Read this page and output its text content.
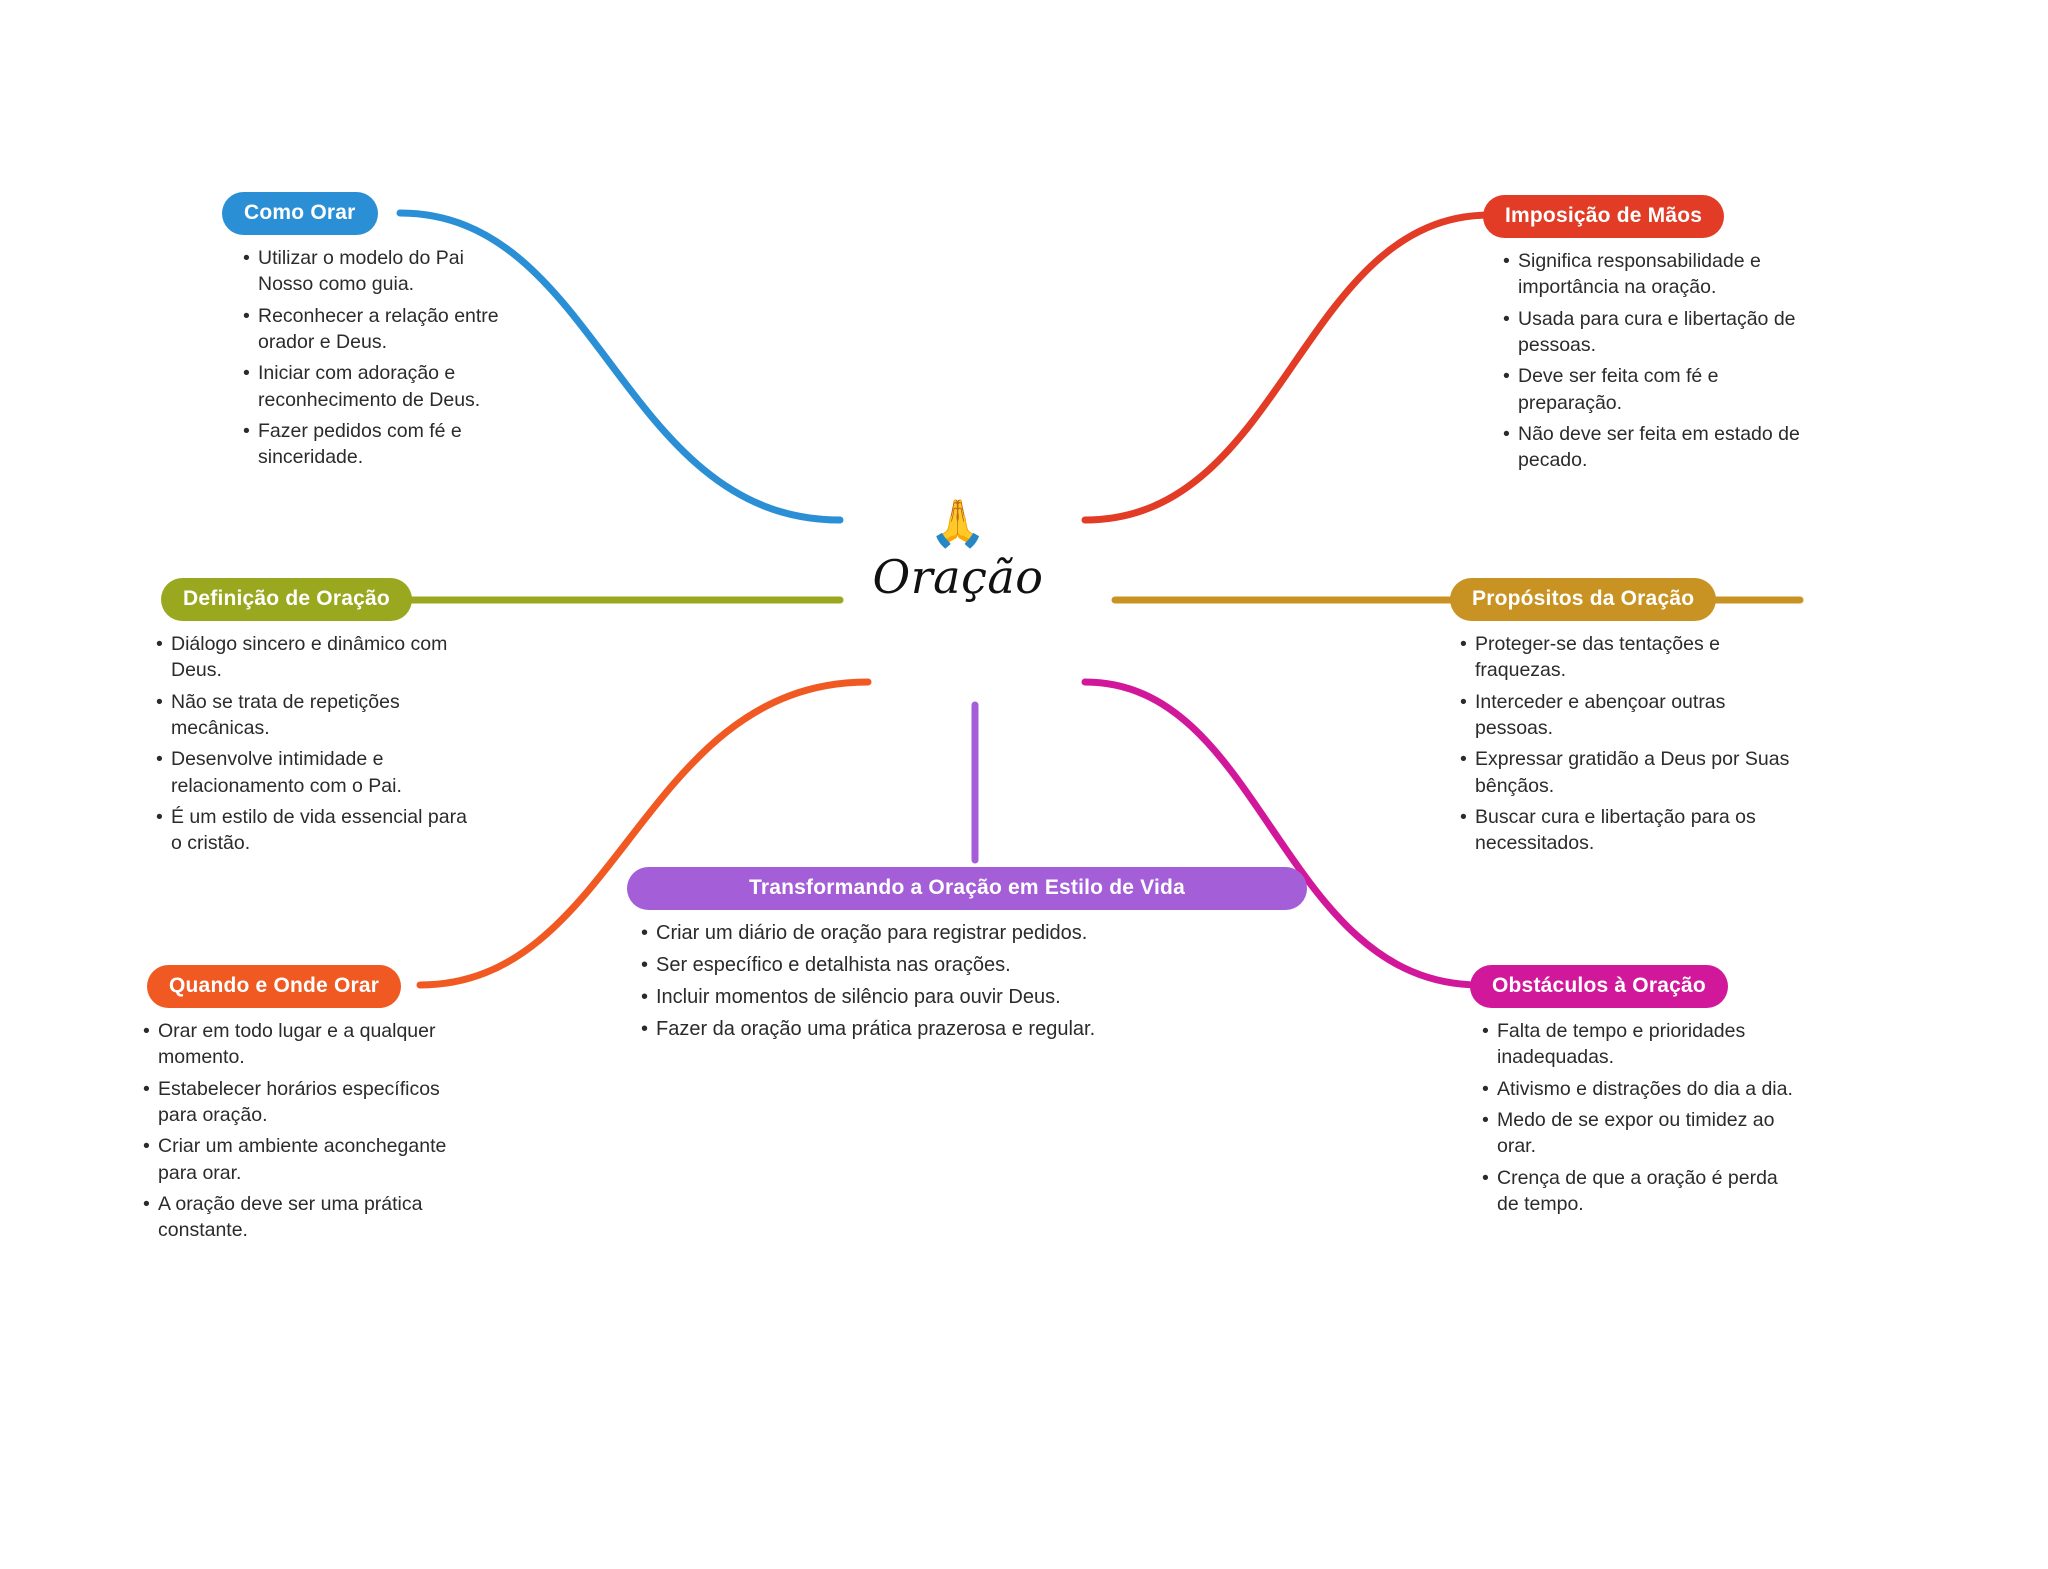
🙏
Oração
Como Orar
• Utilizar o modelo do Pai Nosso como guia.
• Reconhecer a relação entre orador e Deus.
• Iniciar com adoração e reconhecimento de Deus.
• Fazer pedidos com fé e sinceridade.
Imposição de Mãos
• Significa responsabilidade e importância na oração.
• Usada para cura e libertação de pessoas.
• Deve ser feita com fé e preparação.
• Não deve ser feita em estado de pecado.
Definição de Oração
• Diálogo sincero e dinâmico com Deus.
• Não se trata de repetições mecânicas.
• Desenvolve intimidade e relacionamento com o Pai.
• É um estilo de vida essencial para o cristão.
Propósitos da Oração
• Proteger-se das tentações e fraquezas.
• Interceder e abençoar outras pessoas.
• Expressar gratidão a Deus por Suas bênçãos.
• Buscar cura e libertação para os necessitados.
Quando e Onde Orar
• Orar em todo lugar e a qualquer momento.
• Estabelecer horários específicos para oração.
• Criar um ambiente aconchegante para orar.
• A oração deve ser uma prática constante.
Obstáculos à Oração
• Falta de tempo e prioridades inadequadas.
• Ativismo e distrações do dia a dia.
• Medo de se expor ou timidez ao orar.
• Crença de que a oração é perda de tempo.
Transformando a Oração em Estilo de Vida
• Criar um diário de oração para registrar pedidos.
• Ser específico e detalhista nas orações.
• Incluir momentos de silêncio para ouvir Deus.
• Fazer da oração uma prática prazerosa e regular.
